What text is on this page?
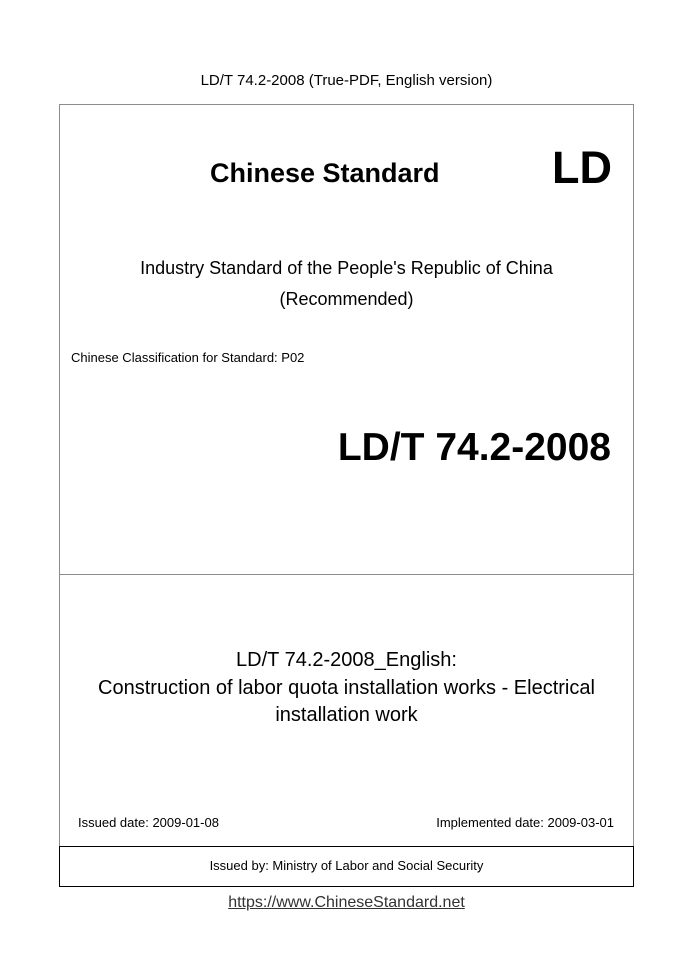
LD/T 74.2-2008 (True-PDF, English version)
Chinese Standard LD
Industry Standard of the People's Republic of China
(Recommended)
Chinese Classification for Standard: P02
LD/T 74.2-2008
LD/T 74.2-2008_English:
Construction of labor quota installation works - Electrical
installation work
Issued date: 2009-01-08	Implemented date: 2009-03-01
Issued by: Ministry of Labor and Social Security
https://www.ChineseStandard.net
